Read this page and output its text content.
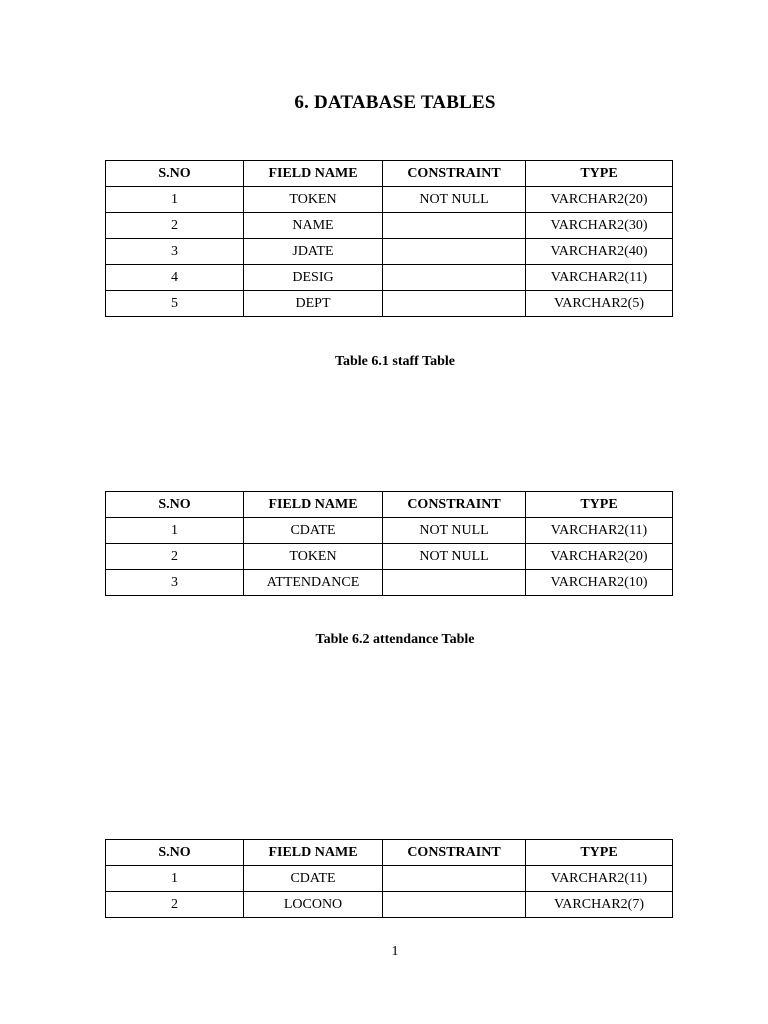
6. DATABASE TABLES
S.NO	FIELD NAME	CONSTRAINT	TYPE
1	TOKEN	NOT NULL	VARCHAR2(20)
2	NAME		VARCHAR2(30)
3	JDATE		VARCHAR2(40)
4	DESIG		VARCHAR2(11)
5	DEPT		VARCHAR2(5)
Table 6.1 staff Table
S.NO	FIELD NAME	CONSTRAINT	TYPE
1	CDATE	NOT NULL	VARCHAR2(11)
2	TOKEN	NOT NULL	VARCHAR2(20)
3	ATTENDANCE		VARCHAR2(10)
Table 6.2 attendance Table
S.NO	FIELD NAME	CONSTRAINT	TYPE
1	CDATE		VARCHAR2(11)
2	LOCONO		VARCHAR2(7)
1
